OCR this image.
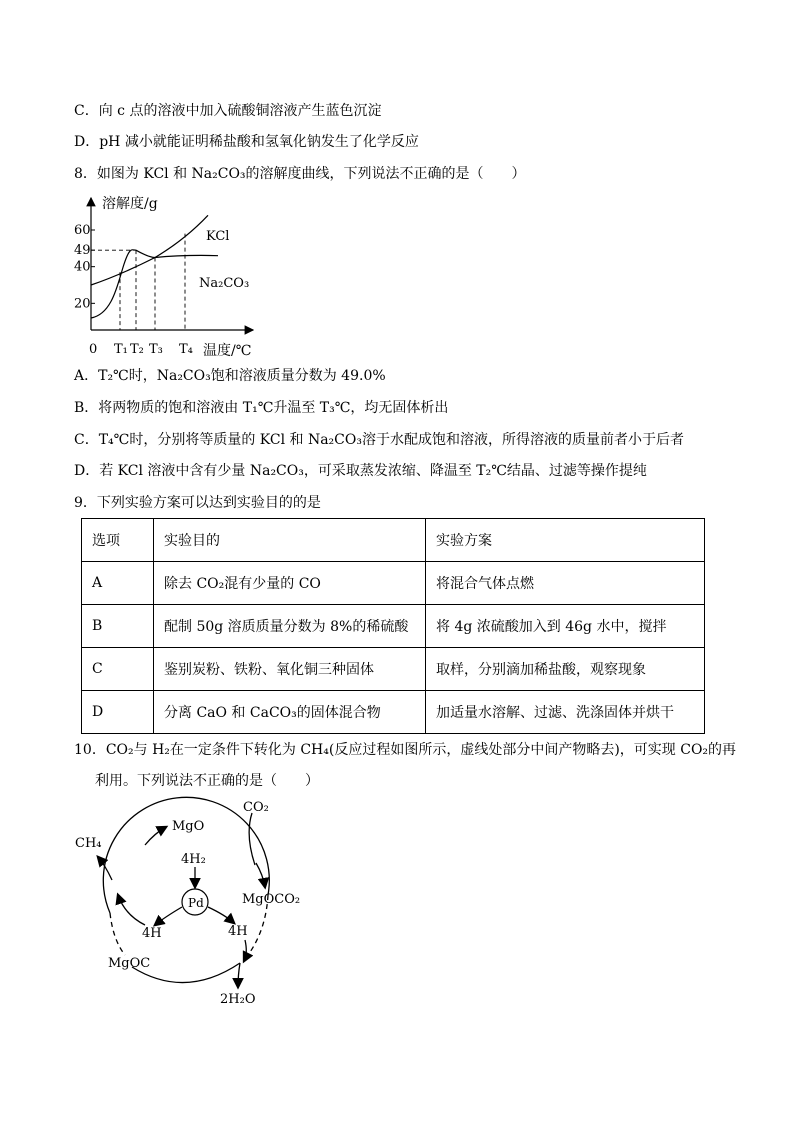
C．向 c 点的溶液中加入硫酸铜溶液产生蓝色沉淀
D．pH 减小就能证明稀盐酸和氢氧化钠发生了化学反应
8．如图为 KCl 和 Na₂CO₃的溶解度曲线，下列说法不正确的是（　　）
溶解度/g
温度/℃
0
20
40
49
60
T₁ T₂ T₃ T₄
KCl
Na₂CO₃
A．T₂℃时，Na₂CO₃饱和溶液质量分数为 49.0%
B．将两物质的饱和溶液由 T₁℃升温至 T₃℃，均无固体析出
C．T₄℃时，分别将等质量的 KCl 和 Na₂CO₃溶于水配成饱和溶液，所得溶液的质量前者小于后者
D．若 KCl 溶液中含有少量 Na₂CO₃，可采取蒸发浓缩、降温至 T₂℃结晶、过滤等操作提纯
9．下列实验方案可以达到实验目的的是
选项	实验目的	实验方案
A	除去 CO₂混有少量的 CO	将混合气体点燃
B	配制 50g 溶质质量分数为 8%的稀硫酸	将 4g 浓硫酸加入到 46g 水中，搅拌
C	鉴别炭粉、铁粉、氧化铜三种固体	取样，分别滴加稀盐酸，观察现象
D	分离 CaO 和 CaCO₃的固体混合物	加适量水溶解、过滤、洗涤固体并烘干
10．CO₂与 H₂在一定条件下转化为 CH₄(反应过程如图所示，虚线处部分中间产物略去)，可实现 CO₂的再
利用。下列说法不正确的是（　　）
MgO
CO₂
CH₄
4H₂
Pd	MgOCO₂
4H	4H
MgOC
2H₂O
